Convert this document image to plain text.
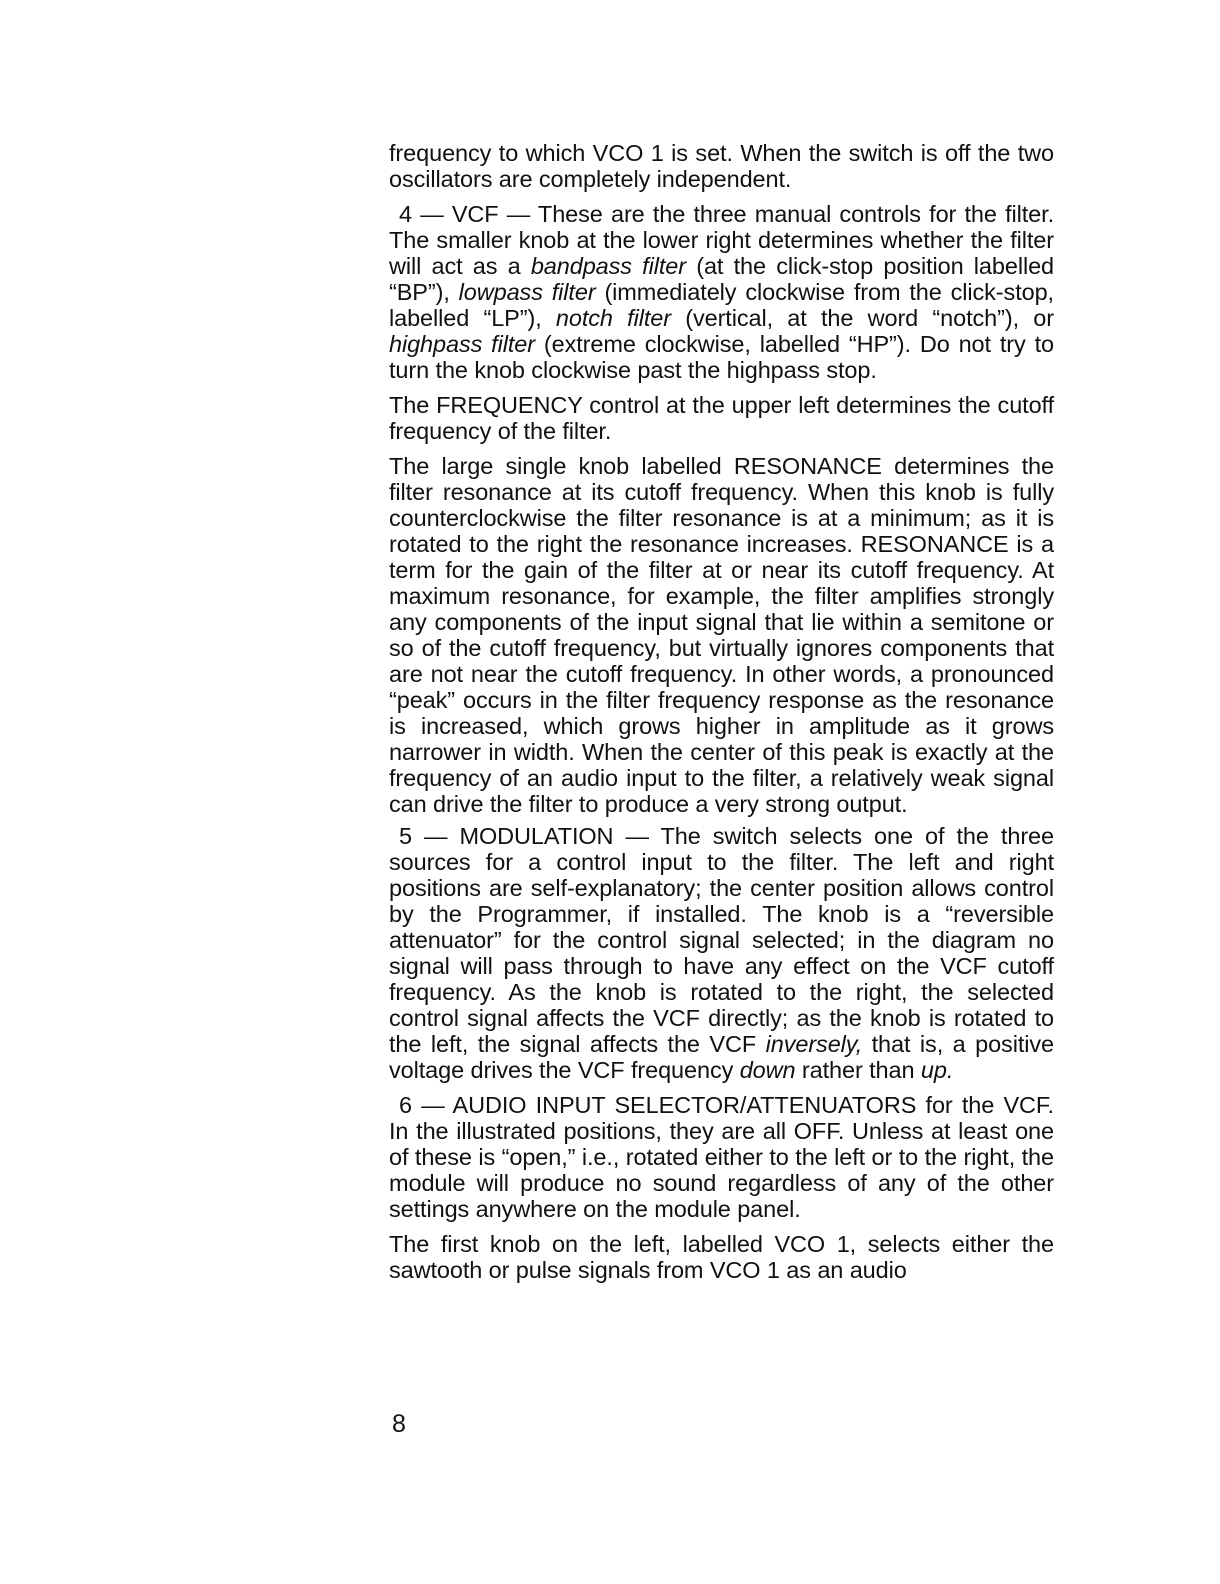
frequency to which VCO 1 is set. When the switch is off the two oscillators are completely independent.

4 — VCF — These are the three manual controls for the filter. The smaller knob at the lower right determines whether the filter will act as a bandpass filter (at the click-stop position labelled “BP”), lowpass filter (immediately clockwise from the click-stop, labelled “LP”), notch filter (vertical, at the word “notch”), or highpass filter (extreme clockwise, labelled “HP”). Do not try to turn the knob clockwise past the highpass stop.

The FREQUENCY control at the upper left determines the cutoff frequency of the filter.

The large single knob labelled RESONANCE determines the filter resonance at its cutoff frequency. When this knob is fully counterclockwise the filter resonance is at a minimum; as it is rotated to the right the resonance increases. RESONANCE is a term for the gain of the filter at or near its cutoff frequency. At maximum resonance, for example, the filter amplifies strongly any components of the input signal that lie within a semitone or so of the cutoff frequency, but virtually ignores components that are not near the cutoff frequency. In other words, a pronounced “peak” occurs in the filter frequency response as the resonance is increased, which grows higher in amplitude as it grows narrower in width. When the center of this peak is exactly at the frequency of an audio input to the filter, a relatively weak signal can drive the filter to produce a very strong output.

5 — MODULATION — The switch selects one of the three sources for a control input to the filter. The left and right positions are self-explanatory; the center position allows control by the Programmer, if installed. The knob is a “reversible attenuator” for the control signal selected; in the diagram no signal will pass through to have any effect on the VCF cutoff frequency. As the knob is rotated to the right, the selected control signal affects the VCF directly; as the knob is rotated to the left, the signal affects the VCF inversely, that is, a positive voltage drives the VCF frequency down rather than up.

6 — AUDIO INPUT SELECTOR/ATTENUATORS for the VCF. In the illustrated positions, they are all OFF. Unless at least one of these is “open,” i.e., rotated either to the left or to the right, the module will produce no sound regardless of any of the other settings anywhere on the module panel.

The first knob on the left, labelled VCO 1, selects either the sawtooth or pulse signals from VCO 1 as an audio

8
